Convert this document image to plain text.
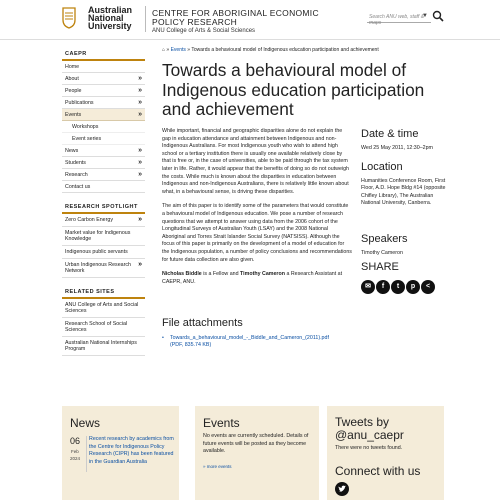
Australian
National
University
CENTRE FOR ABORIGINAL ECONOMIC POLICY RESEARCH
ANU College of Arts & Social Sciences
Search ANU web, staff & maps
▼
CAEPR
Home
About	»
People	»
Publications	»
Events	»
Workshops
Event series
News	»
Students	»
Research	»
Contact us
RESEARCH SPOTLIGHT
Zero Carbon Energy	»
Market value for Indigenous Knowledge
Indigenous public servants
Urban Indigenous Research Network
»
RELATED SITES
ANU College of Arts and Social Sciences
Research School of Social Sciences
Australian National Internships Program
⌂ » Events » Towards a behavioural model of Indigenous education participation and achievement
Towards a behavioural model of Indigenous education participation and achievement

While important, financial and geographic disparities alone do not explain the gap in education attendance and attainment between Indigenous and non-Indigenous Australians. For most Indigenous youth who wish to attend high school or a tertiary institution there is usually one available relatively close by that is free or, in the case of universities, able to be paid through the tax system later in life. Rather, it would appear that the benefits of doing so do not outweigh the costs. While much is known about the disparities in education between Indigenous and non-Indigenous Australians, there is relatively little known about what, in a behavioural sense, is driving these disparities.

The aim of this paper is to identify some of the parameters that would constitute a behavioural model of Indigenous education. We pose a number of research questions that we attempt to answer using data from the 2006 cohort of the Longitudinal Surveys of Australian Youth (LSAY) and the 2008 National Aboriginal and Torres Strait Islander Social Survey (NATSISS). Although the focus of this paper is primarily on the development of a model of education for the Indigenous population, a number of policy conclusions and recommendations for future data collection are also given.

Nicholas Biddle is a Fellow and Timothy Cameron a Research Assistant at CAEPR, ANU.

File attachments
• Towards_a_behavioural_model_-_Biddle_and_Cameron_(2011).pdf (PDF, 835.74 KB)
Date & time
Wed 25 May 2011, 12:30–2pm
Location
Humanities Conference Room, First Floor, A.D. Hope Bldg #14 (opposite Chifley Library), The Australian National University, Canberra.
Speakers
Timothy Cameron
SHARE
✉	f	t	p	<
News
06
Feb
2024
Recent research by academics from the Centre for Indigenous Policy Research (CIPR) has been featured in the Guardian Australia
Events
No events are currently scheduled. Details of future events will be posted as they become available.
» more events
Tweets by @anu_caepr
There were no tweets found.
Connect with us
